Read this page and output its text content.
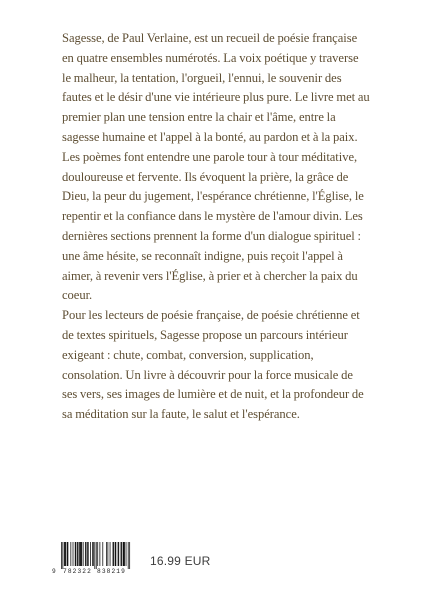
Sagesse, de Paul Verlaine, est un recueil de poésie française en quatre ensembles numérotés. La voix poétique y traverse le malheur, la tentation, l'orgueil, l'ennui, le souvenir des fautes et le désir d'une vie intérieure plus pure. Le livre met au premier plan une tension entre la chair et l'âme, entre la sagesse humaine et l'appel à la bonté, au pardon et à la paix.

Les poèmes font entendre une parole tour à tour méditative, douloureuse et fervente. Ils évoquent la prière, la grâce de Dieu, la peur du jugement, l'espérance chrétienne, l'Église, le repentir et la confiance dans le mystère de l'amour divin. Les dernières sections prennent la forme d'un dialogue spirituel : une âme hésite, se reconnaît indigne, puis reçoit l'appel à aimer, à revenir vers l'Église, à prier et à chercher la paix du coeur.

Pour les lecteurs de poésie française, de poésie chrétienne et de textes spirituels, Sagesse propose un parcours intérieur exigeant : chute, combat, conversion, supplication, consolation. Un livre à découvrir pour la force musicale de ses vers, ses images de lumière et de nuit, et la profondeur de sa méditation sur la faute, le salut et l'espérance.

9 782322 838219
16.99 EUR
